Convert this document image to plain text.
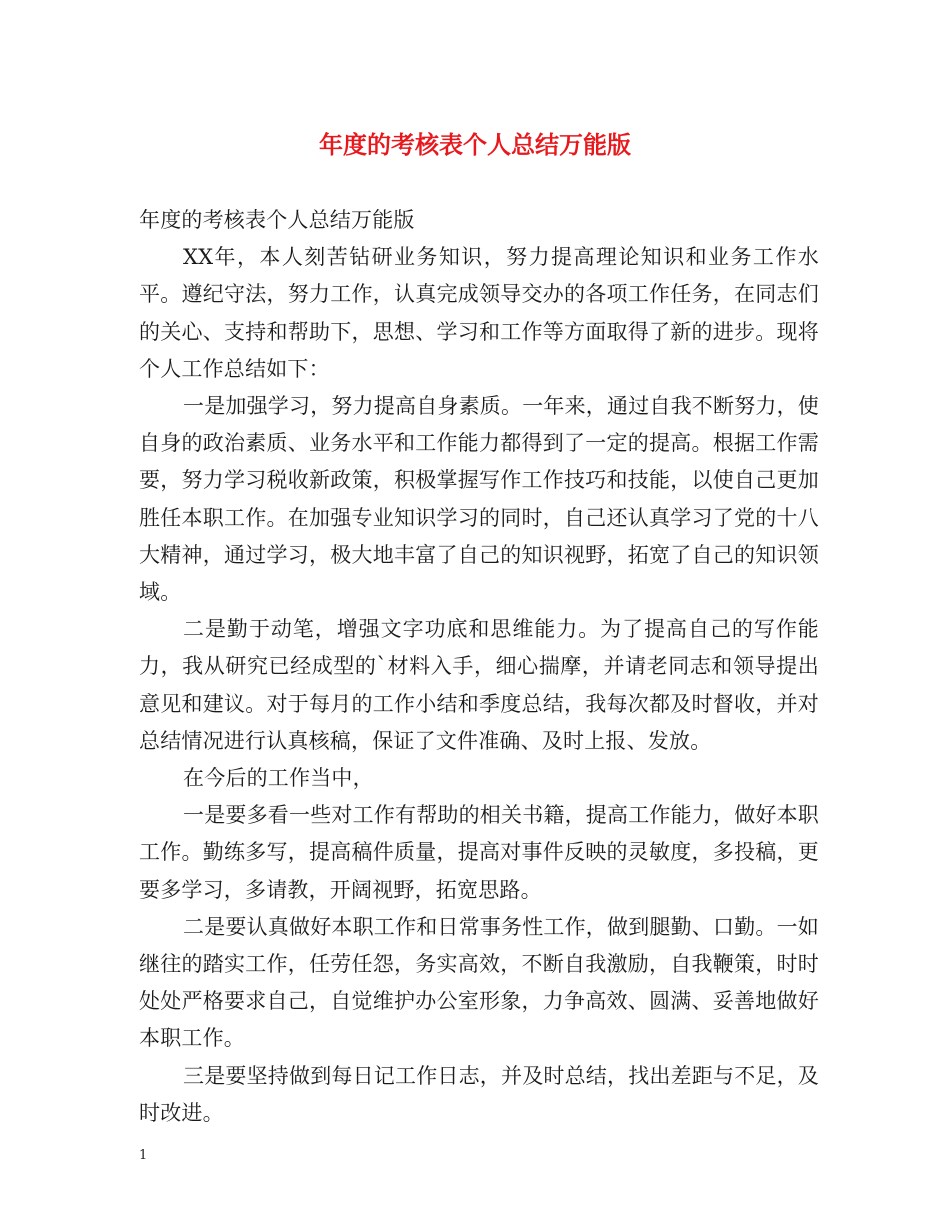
年度的考核表个人总结万能版

年度的考核表个人总结万能版

XX年，本人刻苦钻研业务知识，努力提高理论知识和业务工作水平。遵纪守法，努力工作，认真完成领导交办的各项工作任务，在同志们的关心、支持和帮助下，思想、学习和工作等方面取得了新的进步。现将个人工作总结如下：

一是加强学习，努力提高自身素质。一年来，通过自我不断努力，使自身的政治素质、业务水平和工作能力都得到了一定的提高。根据工作需要，努力学习税收新政策，积极掌握写作工作技巧和技能，以使自己更加胜任本职工作。在加强专业知识学习的同时，自己还认真学习了党的十八大精神，通过学习，极大地丰富了自己的知识视野，拓宽了自己的知识领域。

二是勤于动笔，增强文字功底和思维能力。为了提高自己的写作能力，我从研究已经成型的`材料入手，细心揣摩，并请老同志和领导提出意见和建议。对于每月的工作小结和季度总结，我每次都及时督收，并对总结情况进行认真核稿，保证了文件准确、及时上报、发放。

在今后的工作当中，

一是要多看一些对工作有帮助的相关书籍，提高工作能力，做好本职工作。勤练多写，提高稿件质量，提高对事件反映的灵敏度，多投稿，更要多学习，多请教，开阔视野，拓宽思路。

二是要认真做好本职工作和日常事务性工作，做到腿勤、口勤。一如继往的踏实工作，任劳任怨，务实高效，不断自我激励，自我鞭策，时时处处严格要求自己，自觉维护办公室形象，力争高效、圆满、妥善地做好本职工作。

三是要坚持做到每日记工作日志，并及时总结，找出差距与不足，及时改进。

1
